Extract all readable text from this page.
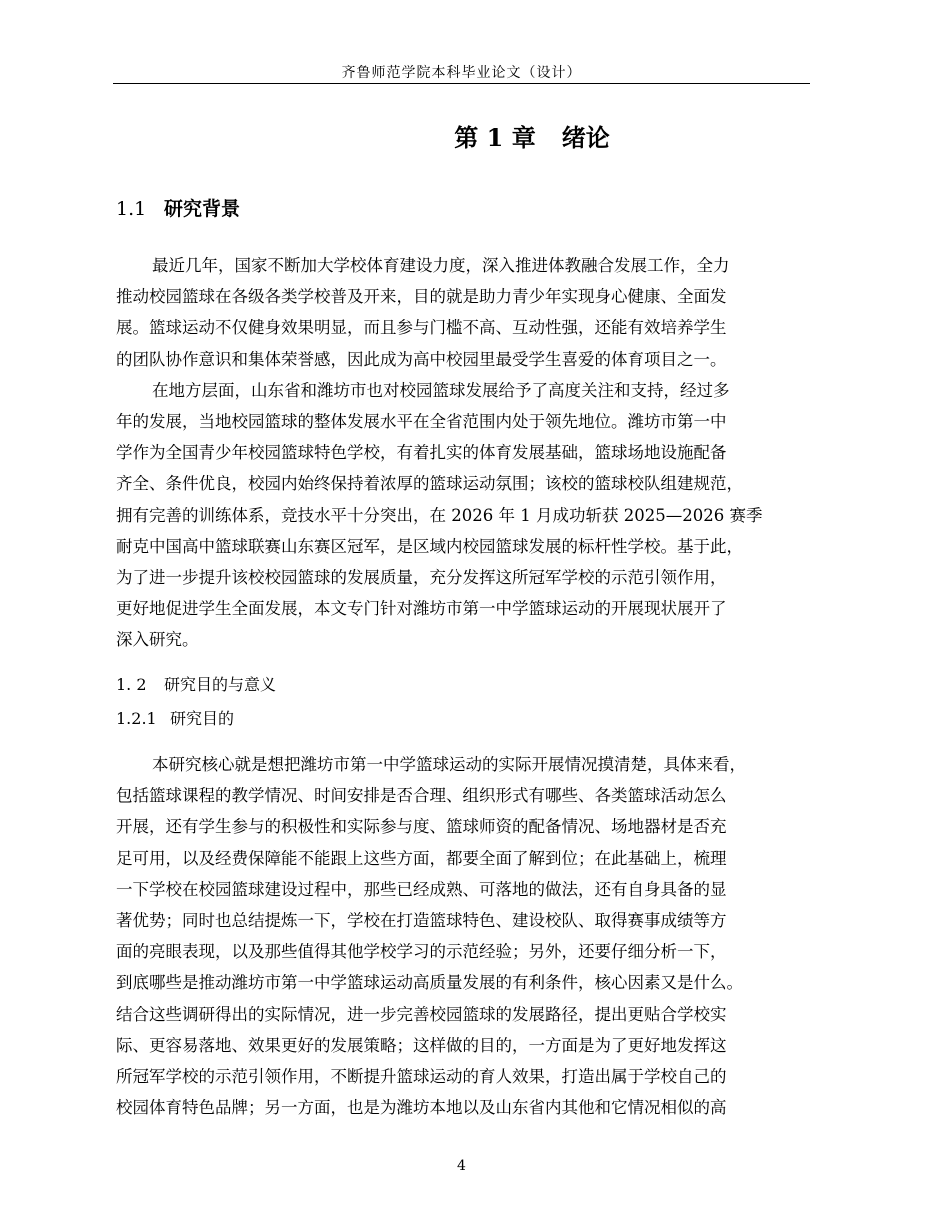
齐鲁师范学院本科毕业论文（设计）
第 1 章 绪论
1.1 研究背景
最近几年，国家不断加大学校体育建设力度，深入推进体教融合发展工作，全力
推动校园篮球在各级各类学校普及开来，目的就是助力青少年实现身心健康、全面发
展。篮球运动不仅健身效果明显，而且参与门槛不高、互动性强，还能有效培养学生
的团队协作意识和集体荣誉感，因此成为高中校园里最受学生喜爱的体育项目之一。
在地方层面，山东省和潍坊市也对校园篮球发展给予了高度关注和支持，经过多
年的发展，当地校园篮球的整体发展水平在全省范围内处于领先地位。潍坊市第一中
学作为全国青少年校园篮球特色学校，有着扎实的体育发展基础，篮球场地设施配备
齐全、条件优良，校园内始终保持着浓厚的篮球运动氛围；该校的篮球校队组建规范，
拥有完善的训练体系，竞技水平十分突出，在 2026 年 1 月成功斩获 2025—2026 赛季
耐克中国高中篮球联赛山东赛区冠军，是区域内校园篮球发展的标杆性学校。基于此，
为了进一步提升该校校园篮球的发展质量，充分发挥这所冠军学校的示范引领作用，
更好地促进学生全面发展，本文专门针对潍坊市第一中学篮球运动的开展现状展开了
深入研究。
1. 2 研究目的与意义
1.2.1 研究目的
本研究核心就是想把潍坊市第一中学篮球运动的实际开展情况摸清楚，具体来看，
包括篮球课程的教学情况、时间安排是否合理、组织形式有哪些、各类篮球活动怎么
开展，还有学生参与的积极性和实际参与度、篮球师资的配备情况、场地器材是否充
足可用，以及经费保障能不能跟上这些方面，都要全面了解到位；在此基础上，梳理
一下学校在校园篮球建设过程中，那些已经成熟、可落地的做法，还有自身具备的显
著优势；同时也总结提炼一下，学校在打造篮球特色、建设校队、取得赛事成绩等方
面的亮眼表现，以及那些值得其他学校学习的示范经验；另外，还要仔细分析一下，
到底哪些是推动潍坊市第一中学篮球运动高质量发展的有利条件，核心因素又是什么。
结合这些调研得出的实际情况，进一步完善校园篮球的发展路径，提出更贴合学校实
际、更容易落地、效果更好的发展策略；这样做的目的，一方面是为了更好地发挥这
所冠军学校的示范引领作用，不断提升篮球运动的育人效果，打造出属于学校自己的
校园体育特色品牌；另一方面，也是为潍坊本地以及山东省内其他和它情况相似的高
4
